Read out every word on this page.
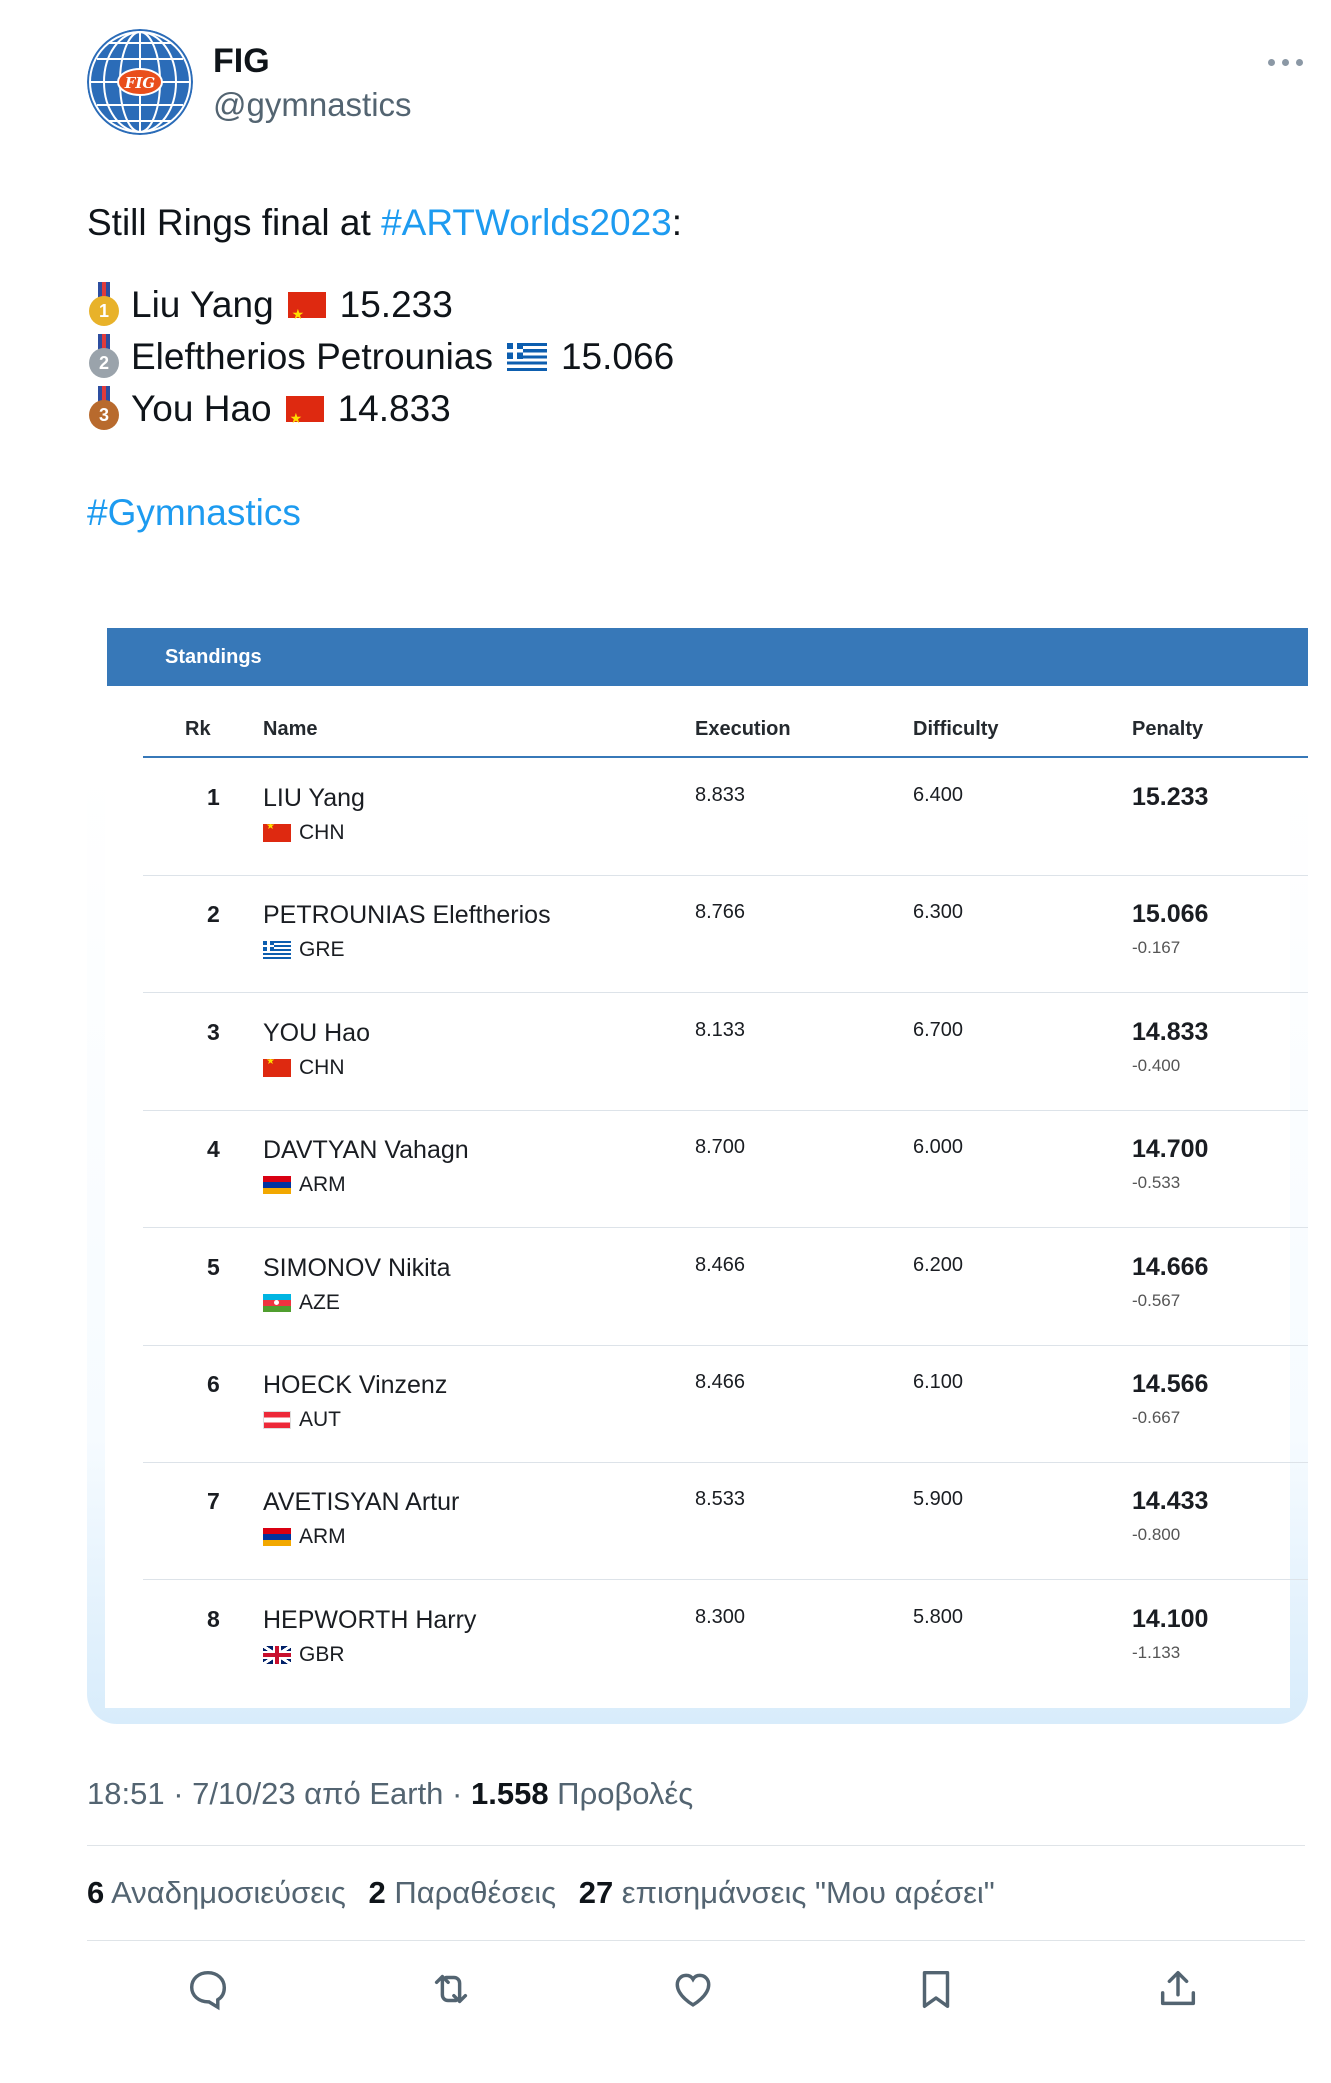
FIG
FIG
@gymnastics

Still Rings final at #ARTWorlds2023:

1 Liu Yang ★ 15.233
2 Eleftherios Petrounias 15.066
3 You Hao ★ 14.833

#Gymnastics

Standings
Rk	Name	Execution	Difficulty	Penalty
1 LIU Yang
★
CHN
8.833	6.400	15.233
2 PETROUNIAS Eleftherios
GRE
8.766	6.300	15.066
-0.167
3 YOU Hao
★
CHN
8.133	6.700	14.833
-0.400
4 DAVTYAN Vahagn
ARM
8.700	6.000	14.700
-0.533
5 SIMONOV Nikita
AZE
8.466	6.200	14.666
-0.567
6 HOECK Vinzenz
AUT
8.466	6.100	14.566
-0.667
7 AVETISYAN Artur
ARM
8.533	5.900	14.433
-0.800
8 HEPWORTH Harry
GBR
8.300	5.800	14.100
-1.133
18:51 · 7/10/23 από Earth · 1.558 Προβολές
6 Αναδημοσιεύσεις 2 Παραθέσεις 27 επισημάνσεις "Μου αρέσει"
